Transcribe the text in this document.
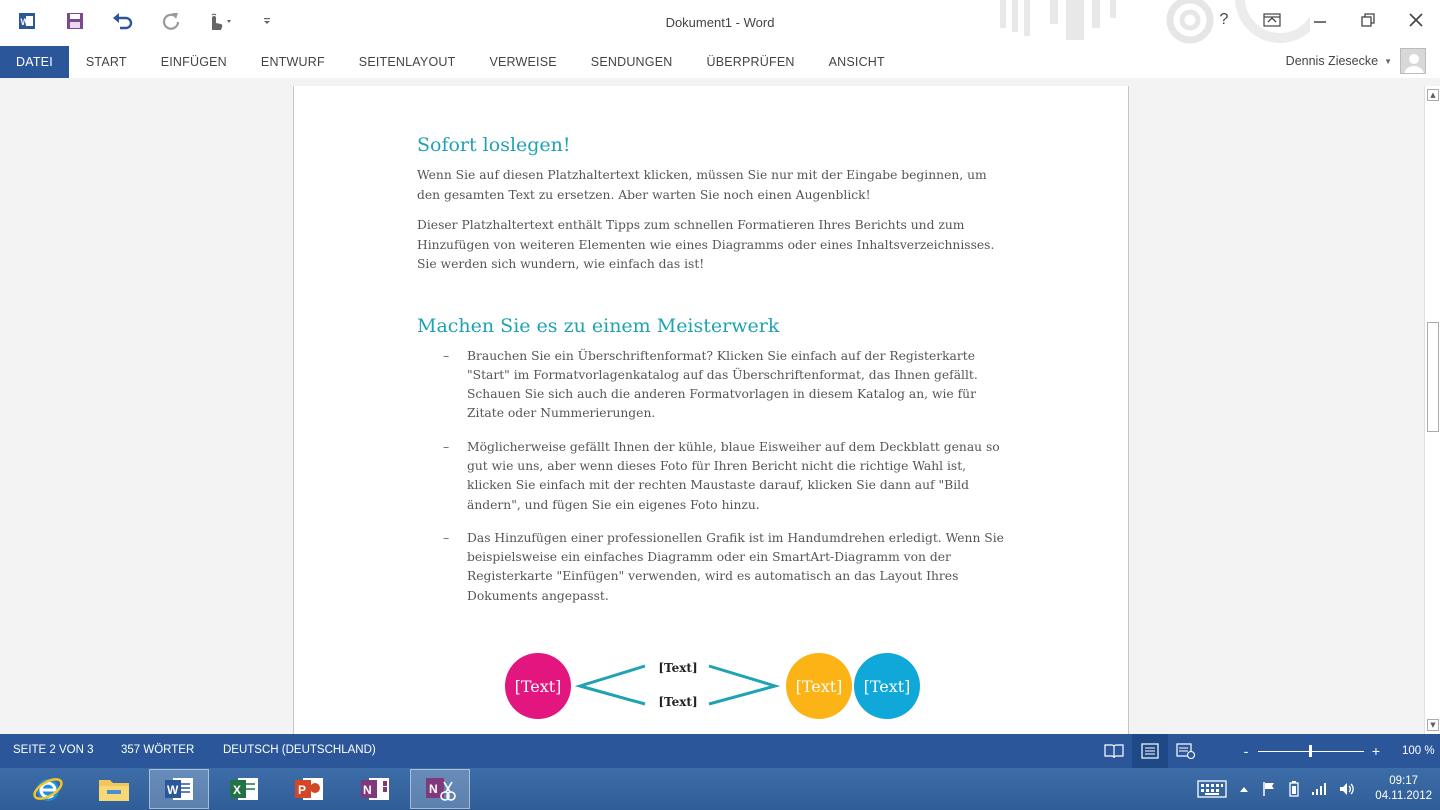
W	Dokument1 - Word	?
DATEI	START	EINFÜGEN	ENTWURF	SEITENLAYOUT	VERWEISE	SENDUNGEN	ÜBERPRÜFEN	ANSICHT	Dennis Ziesecke ▼
Sofort loslegen!

Wenn Sie auf diesen Platzhaltertext klicken, müssen Sie nur mit der Eingabe beginnen, um den gesamten Text zu ersetzen. Aber warten Sie noch einen Augenblick!

Dieser Platzhaltertext enthält Tipps zum schnellen Formatieren Ihres Berichts und zum Hinzufügen von weiteren Elementen wie eines Diagramms oder eines Inhaltsverzeichnisses. Sie werden sich wundern, wie einfach das ist!

Machen Sie es zu einem Meisterwerk
– Brauchen Sie ein Überschriftenformat? Klicken Sie einfach auf der Registerkarte "Start" im Formatvorlagenkatalog auf das Überschriftenformat, das Ihnen gefällt. Schauen Sie sich auch die anderen Formatvorlagen in diesem Katalog an, wie für Zitate oder Nummerierungen.
– Möglicherweise gefällt Ihnen der kühle, blaue Eisweiher auf dem Deckblatt genau so gut wie uns, aber wenn dieses Foto für Ihren Bericht nicht die richtige Wahl ist, klicken Sie einfach mit der rechten Maustaste darauf, klicken Sie dann auf "Bild ändern", und fügen Sie ein eigenes Foto hinzu.
– Das Hinzufügen einer professionellen Grafik ist im Handumdrehen erledigt. Wenn Sie beispielsweise ein einfaches Diagramm oder ein SmartArt-Diagramm von der Registerkarte "Einfügen" verwenden, wird es automatisch an das Layout Ihres Dokuments angepasst.
[Text]
[Text]
[Text]
[Text] [Text]
▲
▼
SEITE 2 VON 3 357 WÖRTER DEUTSCH (DEUTSCHLAND)	-	+ 100 %
W	X	P	N	N
09:17
04.11.2012
